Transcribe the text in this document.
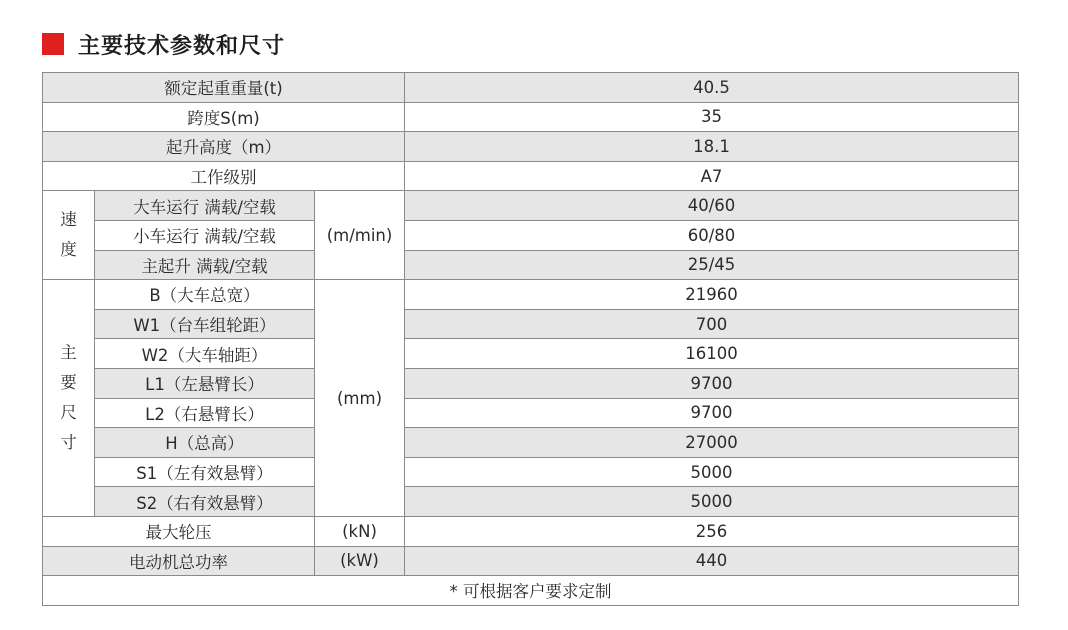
主要技术参数和尺寸
额定起重重量(t)			40.5
跨度S(m)			35
起升高度（m）			18.1
工作级别			A7

速
度	大车运行 满载/空载	(m/min)	40/60
	小车运行 满载/空载		60/80
	主起升 满载/空载		25/45

主
要
尺
寸	B（大车总宽）	(mm)	21960
	W1（台车组轮距）		700
	W2（大车轴距）		16100
	L1（左悬臂长）		9700
	L2（右悬臂长）		9700
	H（总高）		27000
	S1（左有效悬臂）		5000
	S2（右有效悬臂）		5000
最大轮压		(kN)	256
电动机总功率		(kW)	440
* 可根据客户要求定制			
